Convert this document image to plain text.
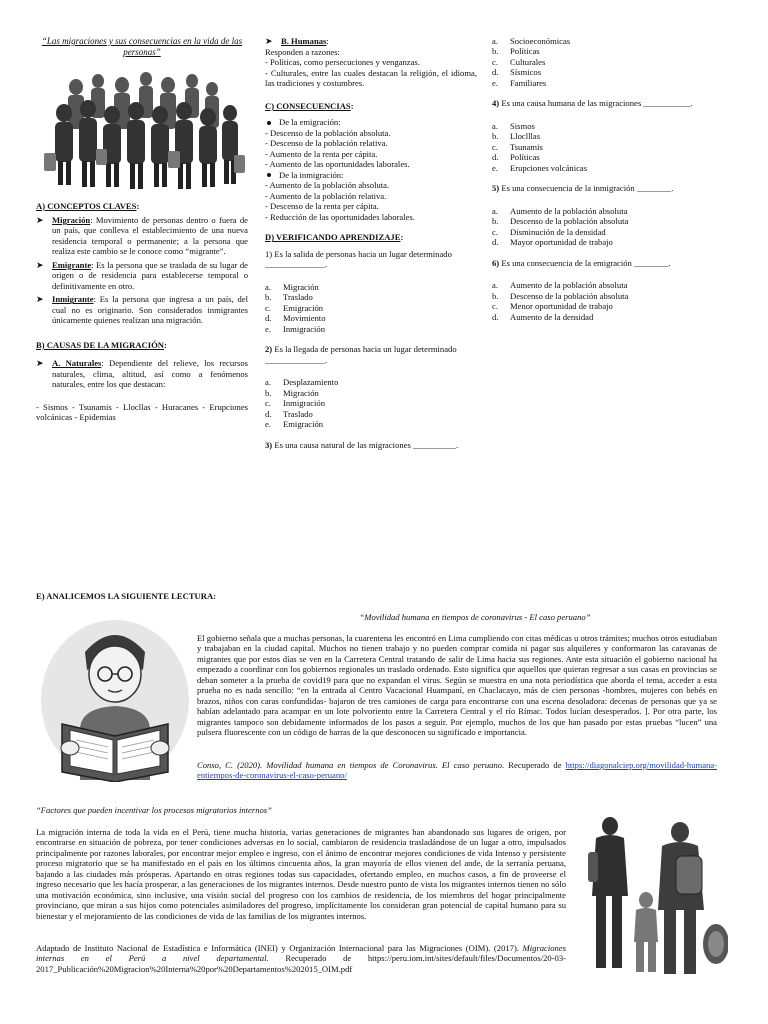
“Las migraciones y sus consecuencias en la vida de las personas”
A) CONCEPTOS CLAVES:
➤ Migración: Movimiento de personas dentro o fuera de un país, que conlleva el establecimiento de una nueva residencia temporal o permanente; a la persona que realiza este cambio se le conoce como “migrante”.
➤ Emigrante: Es la persona que se traslada de su lugar de origen o de residencia para establecerse temporal o definitivamente en otro.
➤ Inmigrante: Es la persona que ingresa a un país, del cual no es originario. Son considerados inmigrantes únicamente quienes realizan una migración.
B) CAUSAS DE LA MIGRACIÓN:
➤ A. Naturales: Dependiente del relieve, los recursos naturales, clima, altitud, así como a fenómenos naturales, entre los que destacan:
- Sismos - Tsunamis - Llocllas - Huracanes - Erupciones volcánicas - Epidemias
➤ B. Humanas:
Responden a razones:
- Políticas, como persecuciones y venganzas.
- Culturales, entre las cuales destacan la religión, el idioma, las tradiciones y costumbres.
C) CONSECUENCIAS:
De la emigración:
- Descenso de la población absoluta.
- Descenso de la población relativa.
- Aumento de la renta per cápita.
- Aumento de las oportunidades laborales.
De la inmigración:
- Aumento de la población absoluta.
- Aumento de la población relativa.
- Descenso de la renta per cápita.
- Reducción de las oportunidades laborales.
D) VERIFICANDO APRENDIZAJE:
1) Es la salida de personas hacia un lugar determinado ______________.
a.	Migración
b.	Traslado
c.	Emigración
d.	Movimiento
e.	Inmigración
2) Es la llegada de personas hacia un lugar determinado ______________.
a.	Desplazamiento
b.	Migración
c.	Inmigración
d.	Traslado
e.	Emigración
3) Es una causa natural de las migraciones __________.
a.	Socioeconómicas
b.	Políticas
c.	Culturales
d.	Sísmicos
e.	Familiares
4) Es una causa humana de las migraciones ___________.
a.	Sismos
b.	Lloclllas
c.	Tsunamis
d.	Políticas
e.	Erupciones volcánicas
5) Es una consecuencia de la inmigración ________.
a.	Aumento de la población absoluta
b.	Descenso de la población absoluta
c.	Disminución de la densidad
d.	Mayor oportunidad de trabajo
6) Es una consecuencia de la emigración ________.
a.	Aumento de la población absoluta
b.	Descenso de la población absoluta
c.	Menor oportunidad de trabajo
d.	Aumento de la densidad
E) ANALICEMOS LA SIGUIENTE LECTURA:
“Movilidad humana en tiempos de coronavirus - El caso peruano”
El gobierno señala que a muchas personas, la cuarentena les encontró en Lima cumpliendo con citas médicas u otros trámites; muchos otros estudiaban y trabajaban en la ciudad capital. Muchos no tienen trabajo y no pueden comprar comida ni pagar sus alquileres y conformaron las caravanas de migrantes que por estos días se ven en la Carretera Central tratando de salir de Lima hacia sus regiones. Ante esta situación el gobierno nacional ha empezado a coordinar con los gobiernos regionales un traslado ordenado. Esto significa que aquellos que quieran regresar a sus casas en provincias se deban someter a la prueba de covid19 para que no expandan el virus. Según se muestra en una nota periodística que aborda el tema, acceder a esta prueba no es nada sencillo: “en la entrada al Centro Vacacional Huampaní, en Chaclacayo, más de cien personas -hombres, mujeres con bebés en brazos, niños con caras confundidas- bajaron de tres camiones de carga para encontrarse con una escena desoladora: decenas de personas que ya se habían adelantado para acampar en un lote polvoriento entre la Carretera Central y el río Rímac. Todos lucían desesperados. ]. Por otra parte, los migrantes tampoco son debidamente informados de los pasos a seguir. Por ejemplo, muchos de los que han pasado por estas pruebas “lucen” una pulsera fluorescente con un código de barras de la que desconocen su significado e importancia.
Conso, C. (2020). Movilidad humana en tiempos de Coronavirus. El caso peruano. Recuperado de https://diagonalciep.org/movilidad-humana-entiempos-de-coronavirus-el-caso-peruano/
“Factores que pueden incentivar los procesos migratorios internos”
La migración interna de toda la vida en el Perú, tiene mucha historia, varias generaciones de migrantes han abandonado sus lugares de origen, por encontrarse en situación de pobreza, por tener condiciones adversas en lo social, cambiaron de residencia trasladándose de un lugar a otro, impulsados principalmente por razones laborales, por encontrar mejor empleo e ingreso, con el ánimo de encontrar mejores condiciones de vida Intenso y persistente proceso migratorio que se ha manifestado en el país en los últimos cincuenta años, la gran mayoría de ellos vienen del ande, de la serranía peruana, bajando a las ciudades más prósperas. Apartando en otras regiones todas sus capacidades, ofertando empleo, en muchos casos, a fin de proveerse el ingreso necesario que les hacía prosperar, a las generaciones de los migrantes internos. Desde nuestro punto de vista los migrantes internos tienen no sólo una motivación económica, sino inclusive, una visión social del progreso con los cambios de residencia, de los miembros del hogar principalmente provinciano, que miran a sus hijos como potenciales asimiladores del progreso, implícitamente los consideran gran potencial de capital humano para su bienestar y el mejoramiento de las condiciones de vida de las familias de los migrantes internos.
Adaptado de Instituto Nacional de Estadística e Informática (INEI) y Organización Internacional para las Migraciones (OIM). (2017). Migraciones internas en el Perú a nivel departamental. Recuperado de https://peru.iom.int/sites/default/files/Documentos/20-03-2017_Publicación%20Migracion%20Interna%20por%20Departamentos%202015_OIM.pdf
